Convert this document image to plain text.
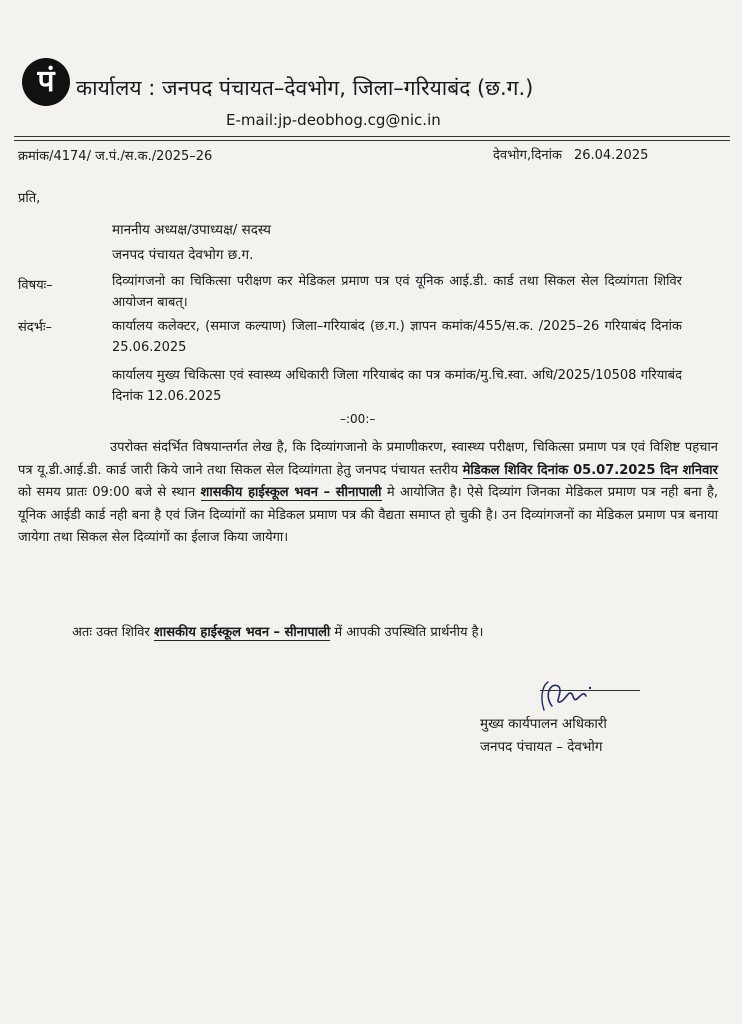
पं कार्यालय : जनपद पंचायत–देवभोग, जिला–गरियाबंद (छ.ग.)
E-mail:jp-deobhog.cg@nic.in
क्रमांक/4174/ ज.पं./स.क./2025–26	देवभोग,दिनांक 26.04.2025
प्रति,
माननीय अध्यक्ष/उपाध्यक्ष/ सदस्य
जनपद पंचायत देवभोग छ.ग.
विषयः–	दिव्यांगजनो का चिकित्सा परीक्षण कर मेडिकल प्रमाण पत्र एवं यूनिक आई.डी. कार्ड तथा सिकल सेल दिव्यांगता शिविर आयोजन बाबत्।
संदर्भः–	कार्यालय कलेक्टर, (समाज कल्याण) जिला–गरियाबंद (छ.ग.) ज्ञापन कमांक/455/स.क. /2025–26 गरियाबंद दिनांक 25.06.2025
कार्यालय मुख्य चिकित्सा एवं स्वास्थ्य अधिकारी जिला गरियाबंद का पत्र कमांक/मु.चि.स्वा. अधि/2025/10508 गरियाबंद दिनांक 12.06.2025
–:00:–
उपरोक्त संदर्भित विषयान्तर्गत लेख है, कि दिव्यांगजानो के प्रमाणीकरण, स्वास्थ्य परीक्षण, चिकित्सा प्रमाण पत्र एवं विशिष्ट पहचान पत्र यू.डी.आई.डी. कार्ड जारी किये जाने तथा सिकल सेल दिव्यांगता हेतु जनपद पंचायत स्तरीय मेडिकल शिविर दिनांक 05.07.2025 दिन शनिवार को समय प्रातः 09:00 बजे से स्थान शासकीय हाईस्कूल भवन – सीनापाली मे आयोजित है। ऐसे दिव्यांग जिनका मेडिकल प्रमाण पत्र नही बना है, यूनिक आईडी कार्ड नही बना है एवं जिन दिव्यांगों का मेडिकल प्रमाण पत्र की वैद्यता समाप्त हो चुकी है। उन दिव्यांगजनों का मेडिकल प्रमाण पत्र बनाया जायेगा तथा सिकल सेल दिव्यांगों का ईलाज किया जायेगा।
अतः उक्त शिविर शासकीय हाईस्कूल भवन – सीनापाली में आपकी उपस्थिति प्रार्थनीय है।
मुख्य कार्यपालन अधिकारी
जनपद पंचायत – देवभोग
